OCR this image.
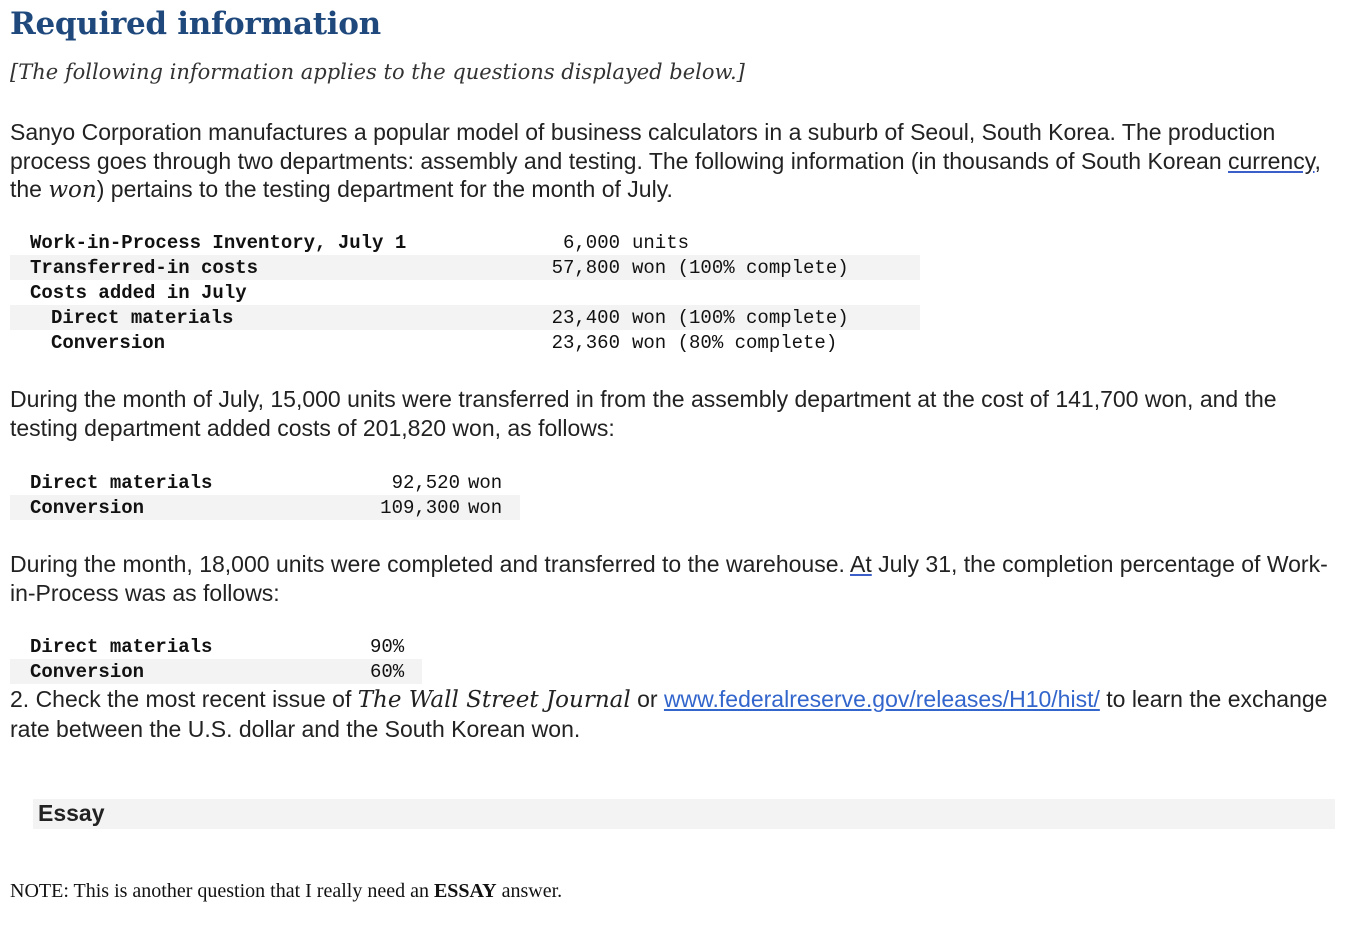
Required information
[The following information applies to the questions displayed below.]
Sanyo Corporation manufactures a popular model of business calculators in a suburb of Seoul, South Korea. The production process goes through two departments: assembly and testing. The following information (in thousands of South Korean currency, the won) pertains to the testing department for the month of July.
Work-in-Process Inventory, July 1	6,000	units
Transferred-in costs	57,800	won (100% complete)
Costs added in July		
Direct materials	23,400	won (100% complete)
Conversion	23,360	won (80% complete)
During the month of July, 15,000 units were transferred in from the assembly department at the cost of 141,700 won, and the testing department added costs of 201,820 won, as follows:
Direct materials	92,520	won
Conversion	109,300	won
During the month, 18,000 units were completed and transferred to the warehouse. At July 31, the completion percentage of Work-in-Process was as follows:
Direct materials	90%
Conversion	60%
2. Check the most recent issue of The Wall Street Journal or www.federalreserve.gov/releases/H10/hist/ to learn the exchange rate between the U.S. dollar and the South Korean won.
Essay
NOTE: This is another question that I really need an ESSAY answer.
